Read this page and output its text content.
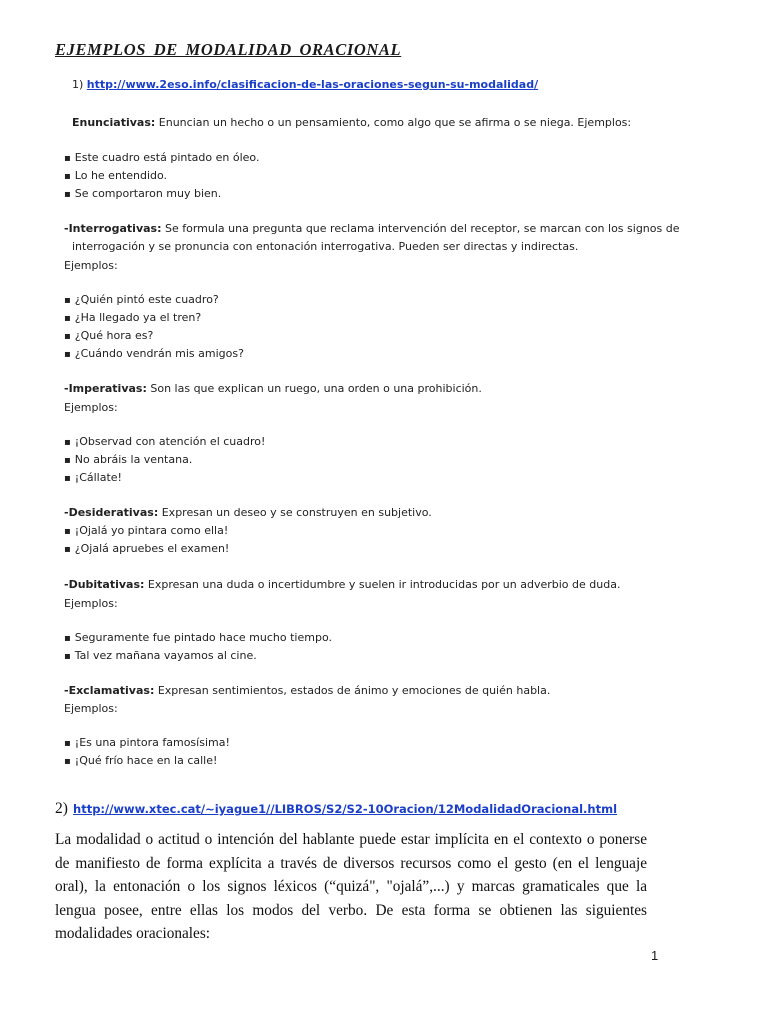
EJEMPLOS DE MODALIDAD ORACIONAL
1) http://www.2eso.info/clasificacion-de-las-oraciones-segun-su-modalidad/
Enunciativas: Enuncian un hecho o un pensamiento, como algo que se afirma o se niega. Ejemplos:
▪ Este cuadro está pintado en óleo.
▪ Lo he entendido.
▪ Se comportaron muy bien.
-Interrogativas: Se formula una pregunta que reclama intervención del receptor, se marcan con los signos de
interrogación y se pronuncia con entonación interrogativa. Pueden ser directas y indirectas.
Ejemplos:
▪ ¿Quién pintó este cuadro?
▪ ¿Ha llegado ya el tren?
▪ ¿Qué hora es?
▪ ¿Cuándo vendrán mis amigos?
-Imperativas: Son las que explican un ruego, una orden o una prohibición.
Ejemplos:
▪ ¡Observad con atención el cuadro!
▪ No abráis la ventana.
▪ ¡Cállate!
-Desiderativas: Expresan un deseo y se construyen en subjetivo.
▪ ¡Ojalá yo pintara como ella!
▪ ¿Ojalá apruebes el examen!
-Dubitativas: Expresan una duda o incertidumbre y suelen ir introducidas por un adverbio de duda.
Ejemplos:
▪ Seguramente fue pintado hace mucho tiempo.
▪ Tal vez mañana vayamos al cine.
-Exclamativas: Expresan sentimientos, estados de ánimo y emociones de quién habla.
Ejemplos:
▪ ¡Es una pintora famosísima!
▪ ¡Qué frío hace en la calle!
2) http://www.xtec.cat/~iyague1//LIBROS/S2/S2-10Oracion/12ModalidadOracional.html
La modalidad o actitud o intención del hablante puede estar implícita en el contexto o ponerse de manifiesto de forma explícita a través de diversos recursos como el gesto (en el lenguaje oral), la entonación o los signos léxicos (“quizá", "ojalá”,...) y marcas gramaticales que la lengua posee, entre ellas los modos del verbo. De esta forma se obtienen las siguientes modalidades oracionales:
1
